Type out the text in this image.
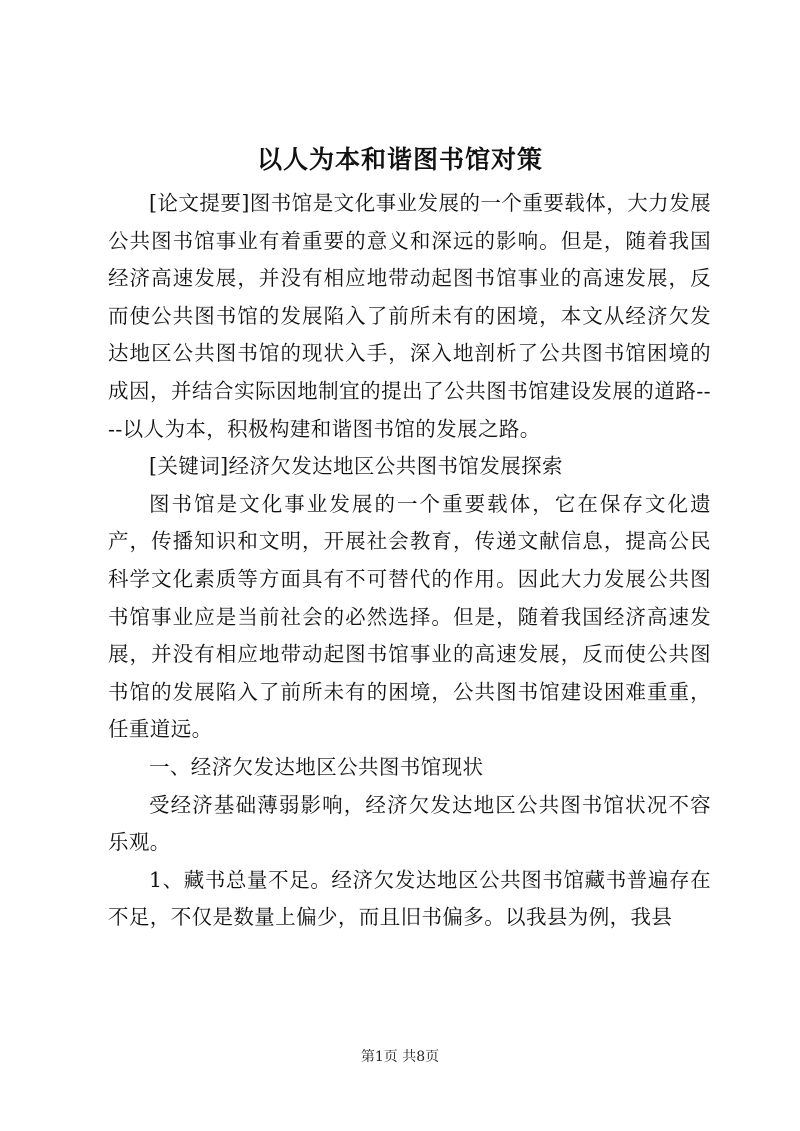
以人为本和谐图书馆对策

[论文提要]图书馆是文化事业发展的一个重要载体，大力发展公共图书馆事业有着重要的意义和深远的影响。但是，随着我国经济高速发展，并没有相应地带动起图书馆事业的高速发展，反而使公共图书馆的发展陷入了前所未有的困境，本文从经济欠发达地区公共图书馆的现状入手，深入地剖析了公共图书馆困境的成因，并结合实际因地制宜的提出了公共图书馆建设发展的道路----以人为本，积极构建和谐图书馆的发展之路。

[关键词]经济欠发达地区公共图书馆发展探索

图书馆是文化事业发展的一个重要载体，它在保存文化遗产，传播知识和文明，开展社会教育，传递文献信息，提高公民科学文化素质等方面具有不可替代的作用。因此大力发展公共图书馆事业应是当前社会的必然选择。但是，随着我国经济高速发展，并没有相应地带动起图书馆事业的高速发展，反而使公共图书馆的发展陷入了前所未有的困境，公共图书馆建设困难重重，任重道远。

一、经济欠发达地区公共图书馆现状

受经济基础薄弱影响，经济欠发达地区公共图书馆状况不容乐观。

1、藏书总量不足。经济欠发达地区公共图书馆藏书普遍存在不足，不仅是数量上偏少，而且旧书偏多。以我县为例，我县

第1页 共8页
